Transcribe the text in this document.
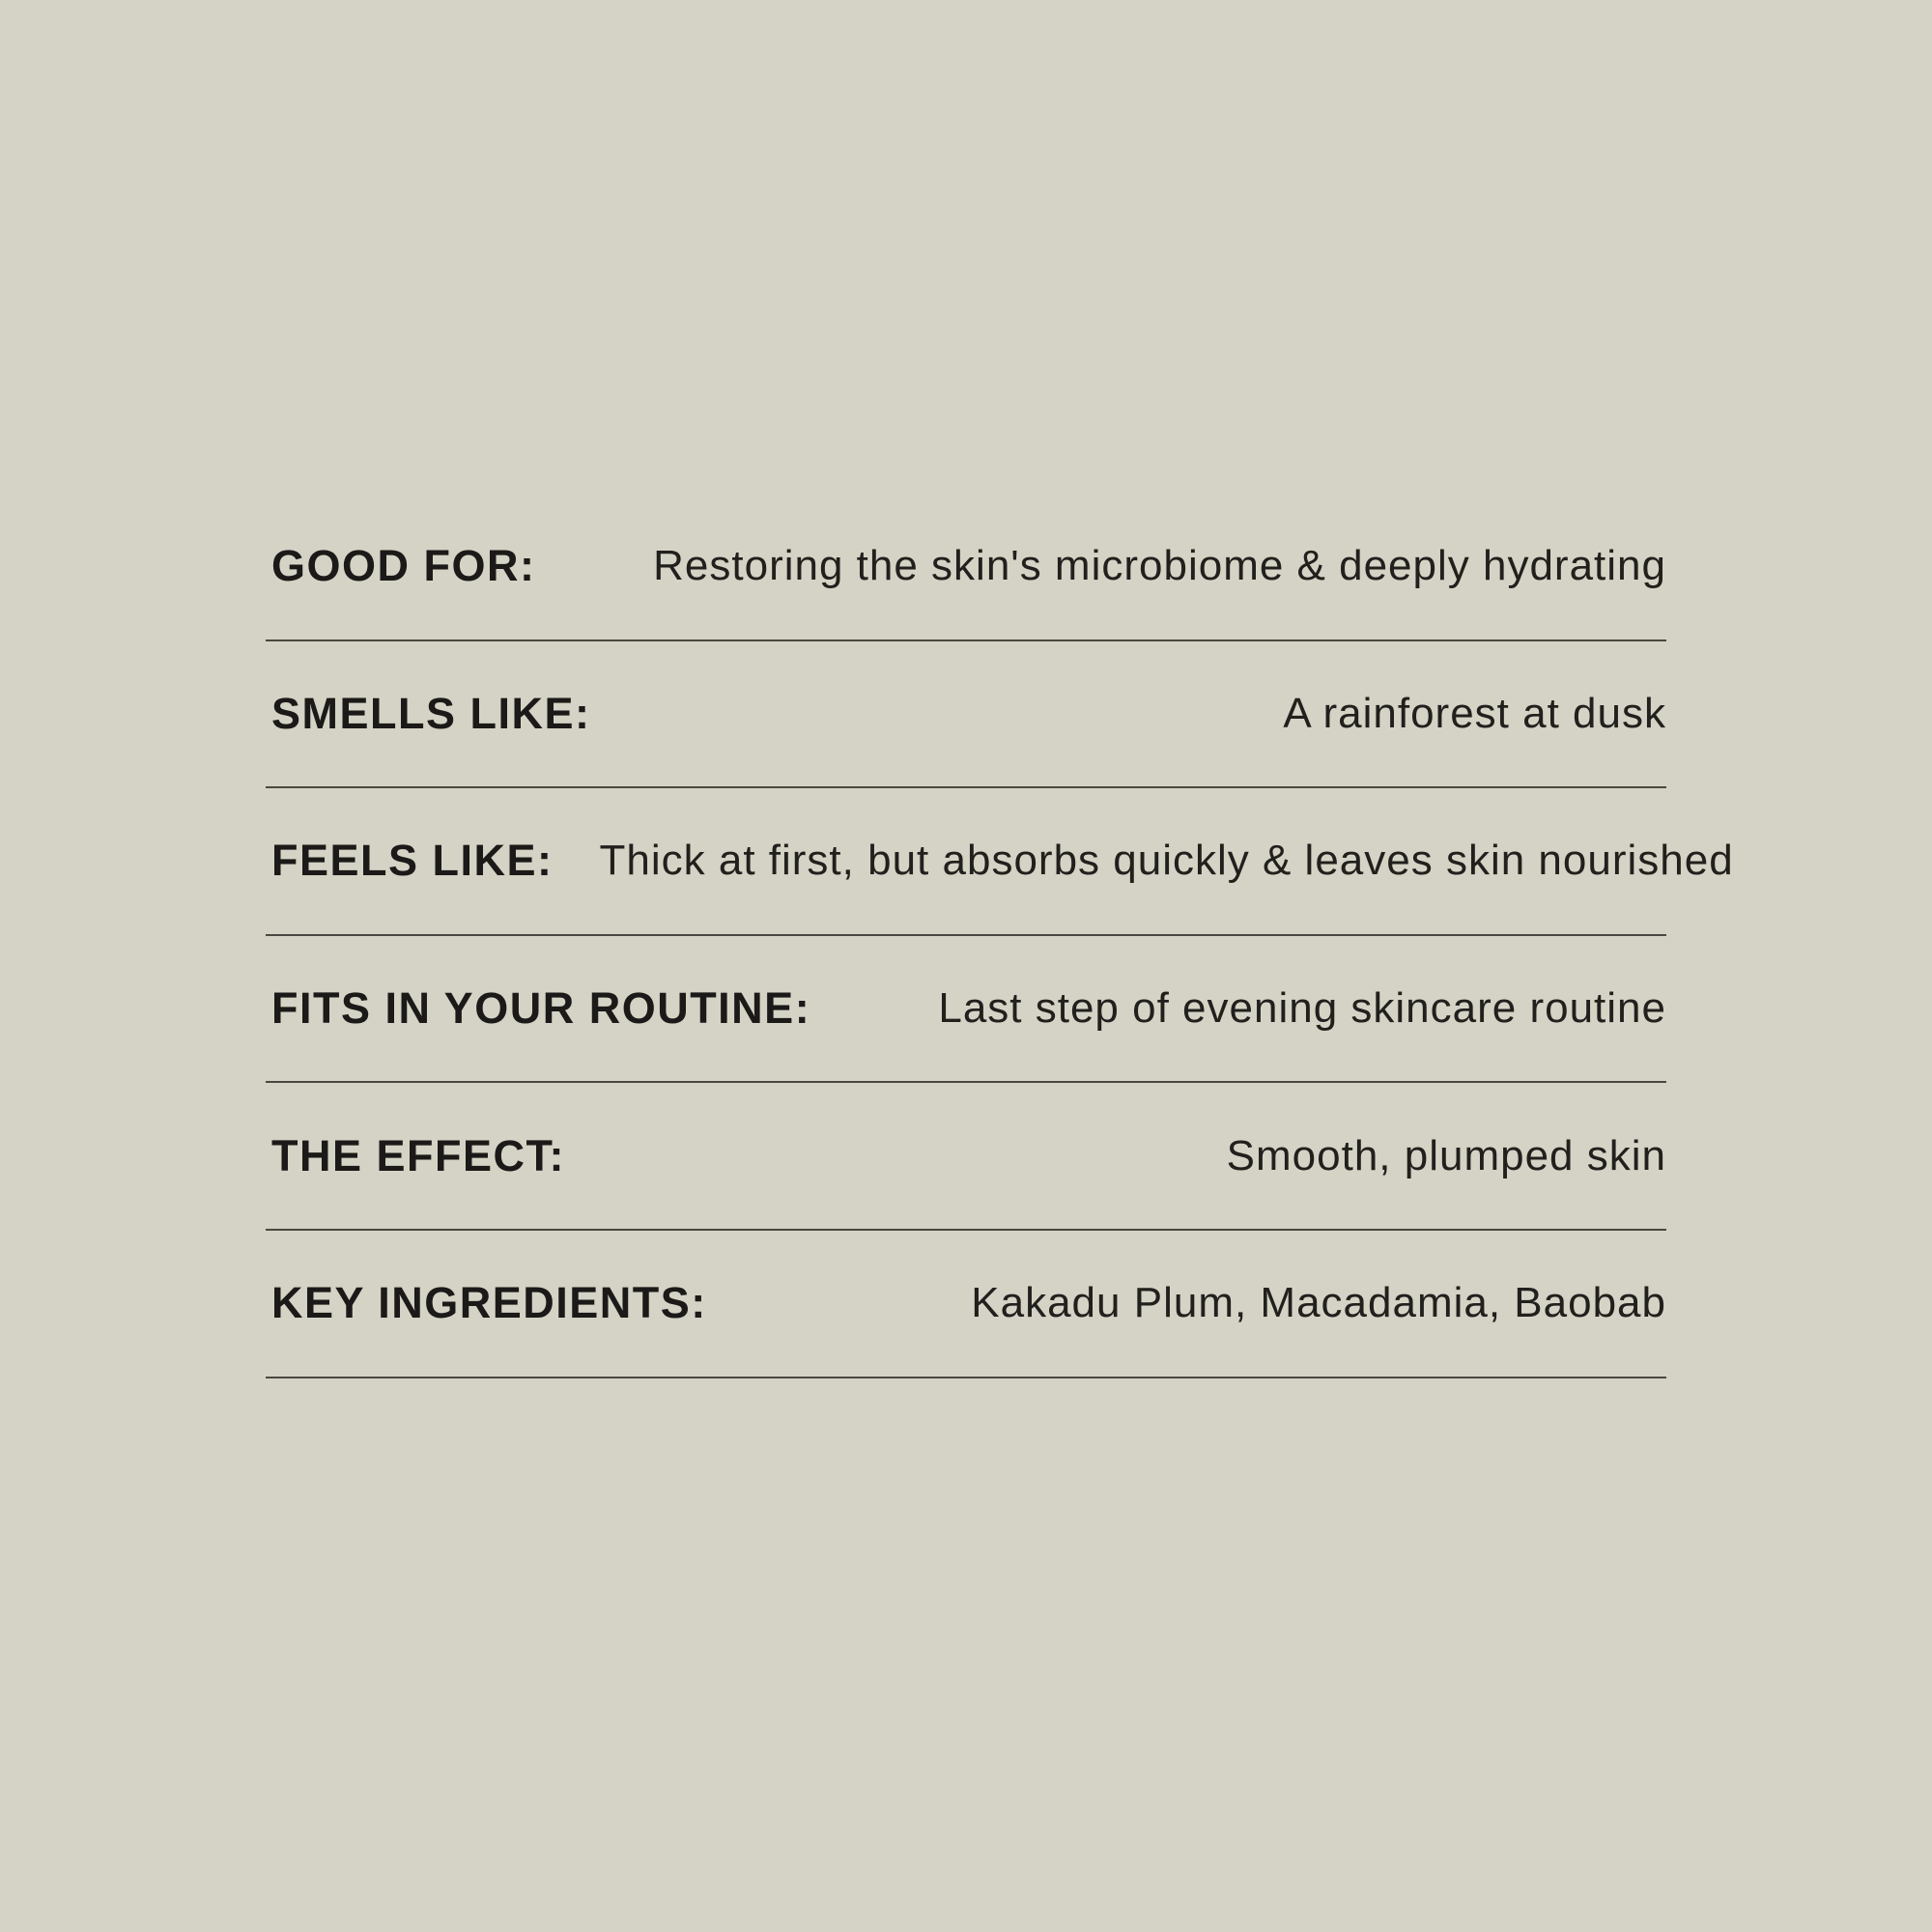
GOOD FOR:	Restoring the skin's microbiome & deeply hydrating
SMELLS LIKE:	A rainforest at dusk
FEELS LIKE: Thick at first, but absorbs quickly & leaves skin nourished
FITS IN YOUR ROUTINE:	Last step of evening skincare routine
THE EFFECT:	Smooth, plumped skin
KEY INGREDIENTS:	Kakadu Plum, Macadamia, Baobab
